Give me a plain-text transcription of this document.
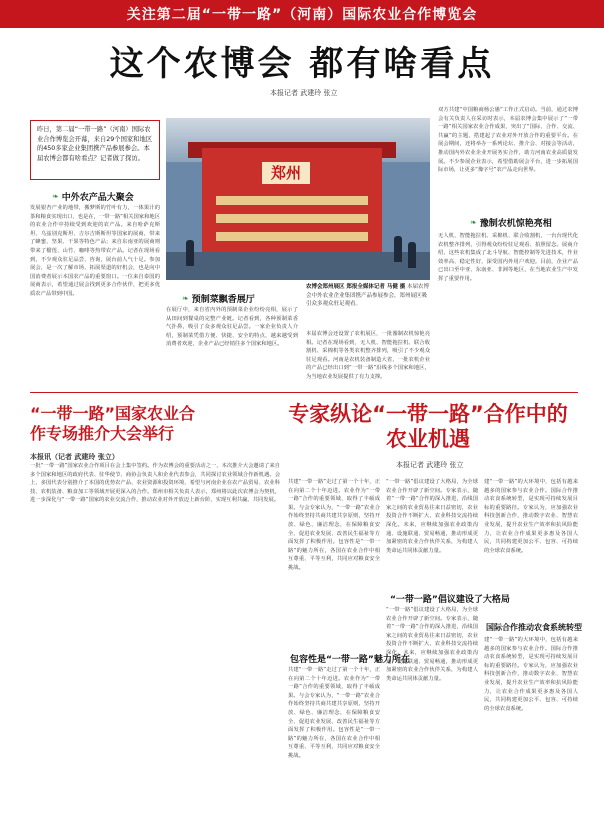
关注第二届“一带一路”（河南）国际农业合作博览会
这个农博会 都有啥看点
本报记者 武建玲 张立
昨日，第二届“一带一路”（河南）国际农业合作博览会开幕，来自29个国家和地区的450多家企业集团携产品参展参会。本届农博会都有啥看点？记者做了探访。
❧ 中外农产品大聚会
发展银杏产业的地带，搬梦斯的竹叶有力，一体果汁的茶和粮食实现出口，也是在，一带一路”相关国家和地区的农业合作中持续受到欢迎的农产品。来自哈萨克斯坦、乌兹别克斯坦、吉尔吉斯斯坦等国家的展商，带来了蜂蜜、坚果、干果等特色产品；来自东南亚的展商则带来了榴莲、山竹、咖啡等热带农产品。记者在现场看到，不少观众驻足品尝、咨询，展台前人气十足。参加展会，是一次了解市场、拓展渠道的好机会，也是向中国消费者展示本国农产品的重要窗口。一位来自泰国的展商表示，希望通过展会找到更多合作伙伴，把更多优质农产品带到中国。
郑州
❧ 预制菜飘香展厅
在展厅中，来自省内外的预制菜企业纷纷亮相，展示了从田间到餐桌的完整产业链。记者看到，各种预制菜香气扑鼻，吸引了众多观众驻足品尝。一家企业负责人介绍，预制菜凭借方便、快捷、安全的特点，越来越受到消费者欢迎，企业产品已经销往多个国家和地区。
农博会郑州展区 郑报全媒体记者 马健 摄 本届农博会中外农业企业集团携产品参展参会，郑州展区吸引众多观众驻足观看。
本届农博会还设置了农机展区，一批豫制农机惊艳亮相。记者在现场看到，无人机、智能拖拉机、联合收割机、采棉机等各类农机整齐排列，吸引了不少观众驻足观看。河南是农机装备制造大省，一批农机企业的产品已经出口到“一带一路”沿线多个国家和地区，为当地农业发展提供了有力支撑。
双方共建“中国粮商杨公愚”工作正式启动。当前，通过农博会有关负责人在采访时表示，本届农博会集中展示了“一带一路”相关国家农业合作成果，突出了“国际、合作、交流、共赢”的主题，搭建起了农业对外开放合作的重要平台。在展会期间，还将举办一系列论坛、推介会、对接会等活动，推动国内外农业企业开展务实合作，助力河南农业高质量发展。不少参展企业表示，希望借助展会平台，进一步拓展国际市场，让更多“豫字号”农产品走向世界。
❧ 豫制农机惊艳亮相
无人机、智能拖拉机、采棉机、联合收割机，一台台现代化农机整齐排列，引得观众纷纷驻足观看、拍照留念。展商介绍，这些农机集成了北斗导航、智能控制等先进技术，作业效率高、稳定性好，深受国内外用户欢迎。目前，企业产品已出口至中亚、东南亚、非洲等地区，在当地农业生产中发挥了重要作用。
“一带一路”国家农业合作专场推介大会举行
本报讯（记者 武建玲 张立）
一批“一带一路”国家农业合作项目在会上集中签约。作为农博会的重要活动之一，本次推介大会邀请了来自多个国家和地区的政府代表、驻华使节、商协会负责人和企业代表参会，共同探讨农业领域合作新机遇。会上，多国代表分别推介了本国的优势农产品、农业资源和投资环境，希望与河南企业在农产品贸易、农业科技、农机装备、粮食加工等领域开展更深入的合作。郑州市相关负责人表示，郑州将以此次农博会为契机，进一步深化与“一带一路”国家的农业交流合作，推动农业对外开放迈上新台阶，实现互利共赢、共同发展。
专家纵论“一带一路”合作中的农业机遇
本报记者 武建玲 张立
共建“一带一路”走过了第一个十年，正在向第二个十年迈进。农业作为“一带一路”合作的重要领域，取得了丰硕成果。与会专家认为，“一带一路”农业合作始终坚持共商共建共享原则，坚持开放、绿色、廉洁理念，在保障粮食安全、促进农业发展、改善民生福祉等方面发挥了积极作用。包容性是“一带一路”的魅力所在，各国在农业合作中相互尊重、平等互利，共同应对粮食安全挑战。
包容性是“一带一路”魅力所在
共建“一带一路”走过了第一个十年，正在向第二个十年迈进。农业作为“一带一路”合作的重要领域，取得了丰硕成果。与会专家认为，“一带一路”农业合作始终坚持共商共建共享原则，坚持开放、绿色、廉洁理念，在保障粮食安全、促进农业发展、改善民生福祉等方面发挥了积极作用。包容性是“一带一路”的魅力所在，各国在农业合作中相互尊重、平等互利，共同应对粮食安全挑战。
“一带一路”倡议建设了大格局，为全球农业合作开辟了新空间。专家表示，随着“一带一路”合作的深入推进，沿线国家之间的农业贸易往来日益密切，农业投资合作不断扩大，农业科技交流持续深化。未来，应继续加强农业政策沟通、设施联通、贸易畅通，推动形成更加紧密的农业合作伙伴关系，为构建人类命运共同体贡献力量。
“一带一路”倡议建设了大格局
“一带一路”倡议建设了大格局，为全球农业合作开辟了新空间。专家表示，随着“一带一路”合作的深入推进，沿线国家之间的农业贸易往来日益密切，农业投资合作不断扩大，农业科技交流持续深化。未来，应继续加强农业政策沟通、设施联通、贸易畅通，推动形成更加紧密的农业合作伙伴关系，为构建人类命运共同体贡献力量。
建“一带一路”的大环境中，包括有越来越多的国家参与农业合作。国际合作推动农食系统转型，是实现可持续发展目标的重要路径。专家认为，应加强农业科技创新合作，推动数字农业、智慧农业发展，提升农业生产效率和抗风险能力，让农业合作成果更多惠及各国人民，共同构建更加公平、包容、可持续的全球农食系统。
国际合作推动农食系统转型
建“一带一路”的大环境中，包括有越来越多的国家参与农业合作。国际合作推动农食系统转型，是实现可持续发展目标的重要路径。专家认为，应加强农业科技创新合作，推动数字农业、智慧农业发展，提升农业生产效率和抗风险能力，让农业合作成果更多惠及各国人民，共同构建更加公平、包容、可持续的全球农食系统。
